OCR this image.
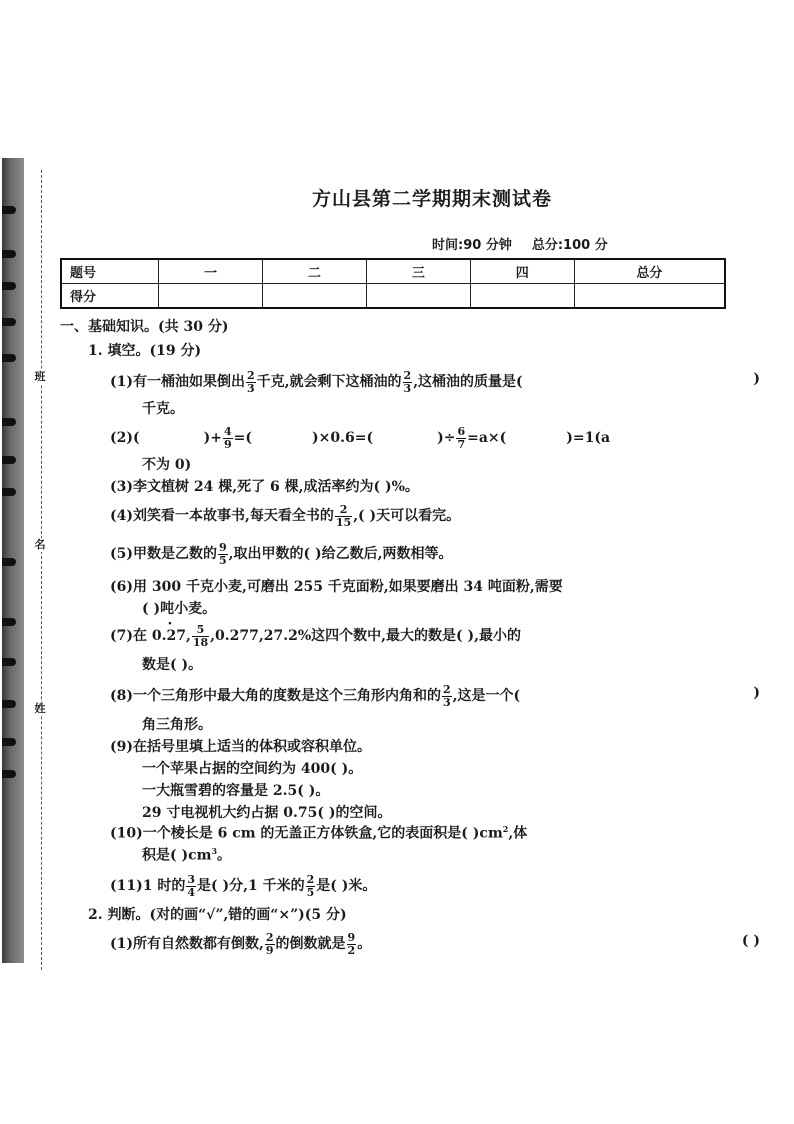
班
名
姓
方山县第二学期期末测试卷
时间:90 分钟 总分:100 分
题号	一	二	三	四	总分
得分					
一、基础知识。(共 30 分)
1. 填空。(19 分)
(1)有一桶油如果倒出 $\frac{2}{3}$ 千克,就会剩下这桶油的 $\frac{2}{3}$ ,这桶油的质量是(	)
千克。
(2)(	)+ $\frac{4}{9}$ =(	)×0.6=(	)÷ $\frac{6}{7} =a\times$(	)=1(a
不为 0)
(3)李文植树 24 棵,死了 6 棵,成活率约为( )%。
(4)刘笑看一本故事书,每天看全书的 $\frac{2}{15}$ ,( )天可以看完。
(5)甲数是乙数的 $\frac{9}{5}$ ,取出甲数的( )给乙数后,两数相等。
(6)用 300 千克小麦,可磨出 255 千克面粉,如果要磨出 34 吨面粉,需要
( )吨小麦。
(7)在 0.· 27, $\frac{5}{18} ,0.277,27.2\%$这四个数中,最大的数是( ),最小的
数是( )。
(8)一个三角形中最大角的度数是这个三角形内角和的 $\frac{2}{3}$ ,这是一个(	)
角三角形。
(9)在括号里填上适当的体积或容积单位。
一个苹果占据的空间约为 400( )。
一大瓶雪碧的容量是 2.5( )。
29 寸电视机大约占据 0.75( )的空间。
(10)一个棱长是 6 cm 的无盖正方体铁盒,它的表面积是( )$cm^2$,体
积是( )$cm^3$。
(11)1 时的 $\frac{3}{4}$ 是( )分,1 千米的 $\frac{2}{5}$ 是( )米。
2. 判断。(对的画“√”,错的画“×”)(5 分)
(1)所有自然数都有倒数, $\frac{2}{9}$ 的倒数就是 $\frac{9}{2}$ 。	( )
